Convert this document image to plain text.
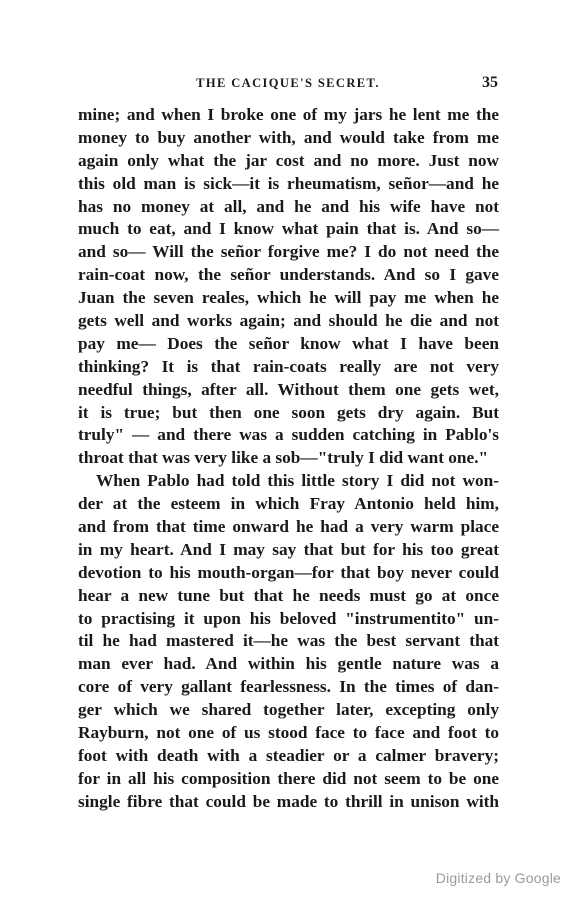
THE CACIQUE'S SECRET.	35
mine; and when I broke one of my jars he lent me the
money to buy another with, and would take from me
again only what the jar cost and no more. Just now
this old man is sick—it is rheumatism, señor—and he
has no money at all, and he and his wife have not
much to eat, and I know what pain that is. And so—
and so— Will the señor forgive me? I do not need the
rain-coat now, the señor understands. And so I gave
Juan the seven reales, which he will pay me when he
gets well and works again; and should he die and not
pay me— Does the señor know what I have been
thinking? It is that rain-coats really are not very
needful things, after all. Without them one gets wet,
it is true; but then one soon gets dry again. But
truly" — and there was a sudden catching in Pablo's
throat that was very like a sob—"truly I did want one."
When Pablo had told this little story I did not won-
der at the esteem in which Fray Antonio held him,
and from that time onward he had a very warm place
in my heart. And I may say that but for his too great
devotion to his mouth-organ—for that boy never could
hear a new tune but that he needs must go at once
to practising it upon his beloved "instrumentito" un-
til he had mastered it—he was the best servant that
man ever had. And within his gentle nature was a
core of very gallant fearlessness. In the times of dan-
ger which we shared together later, excepting only
Rayburn, not one of us stood face to face and foot to
foot with death with a steadier or a calmer bravery;
for in all his composition there did not seem to be one
single fibre that could be made to thrill in unison with
Digitized by Google
